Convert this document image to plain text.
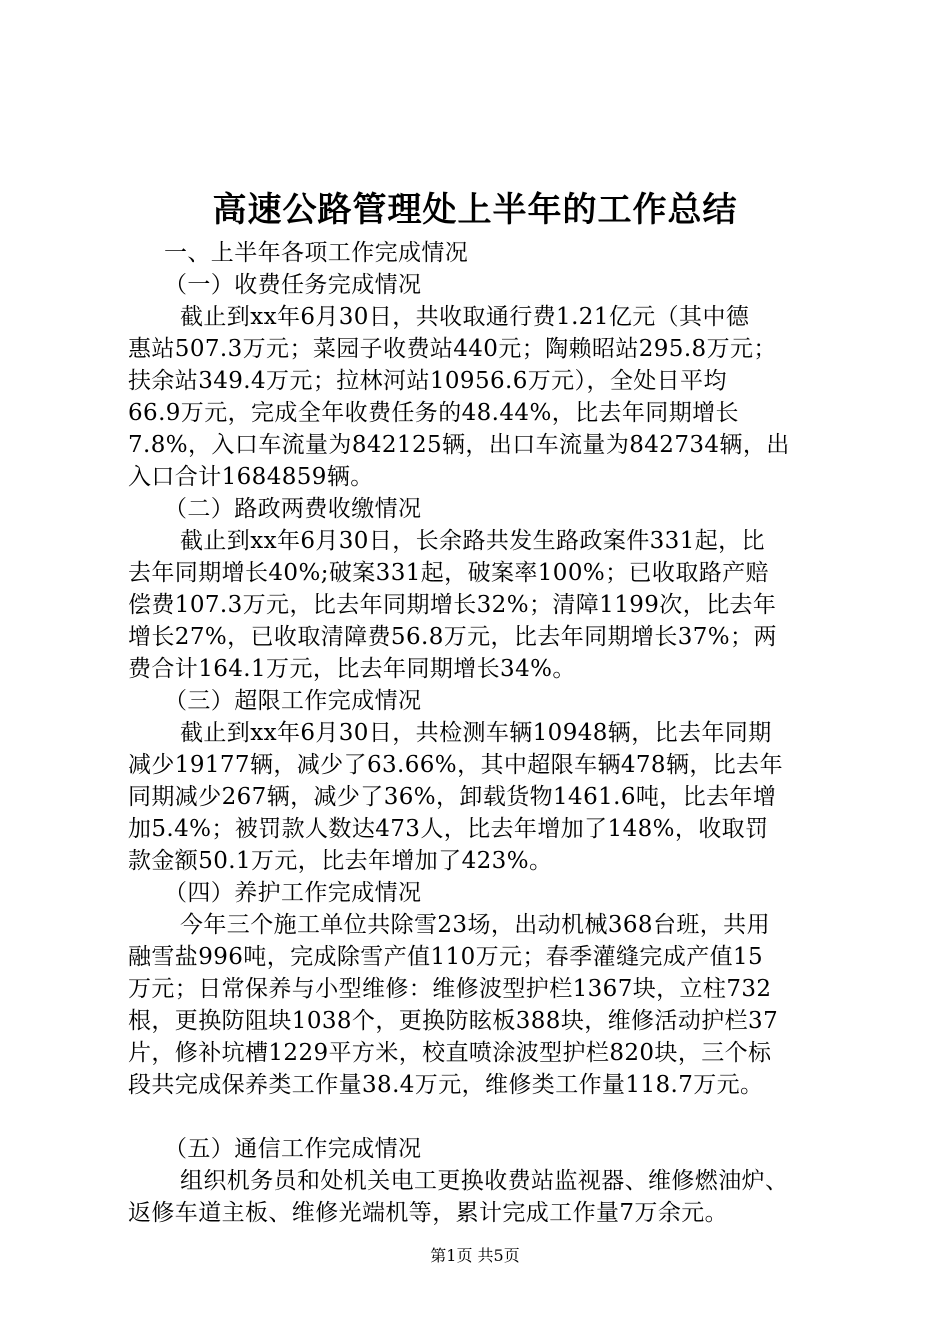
高速公路管理处上半年的工作总结
一、上半年各项工作完成情况
（一）收费任务完成情况
截止到xx年6月30日，共收取通行费1.21亿元（其中德
惠站507.3万元；菜园子收费站440元；陶赖昭站295.8万元；
扶余站349.4万元；拉林河站10956.6万元），全处日平均
66.9万元，完成全年收费任务的48.44%，比去年同期增长
7.8%，入口车流量为842125辆，出口车流量为842734辆，出
入口合计1684859辆。
（二）路政两费收缴情况
截止到xx年6月30日，长余路共发生路政案件331起，比
去年同期增长40%;破案331起，破案率100%；已收取路产赔
偿费107.3万元，比去年同期增长32%；清障1199次，比去年
增长27%，已收取清障费56.8万元，比去年同期增长37%；两
费合计164.1万元，比去年同期增长34%。
（三）超限工作完成情况
截止到xx年6月30日，共检测车辆10948辆，比去年同期
减少19177辆，减少了63.66%，其中超限车辆478辆，比去年
同期减少267辆，减少了36%，卸载货物1461.6吨，比去年增
加5.4%；被罚款人数达473人，比去年增加了148%，收取罚
款金额50.1万元，比去年增加了423%。
（四）养护工作完成情况
今年三个施工单位共除雪23场，出动机械368台班，共用
融雪盐996吨，完成除雪产值110万元；春季灌缝完成产值15
万元；日常保养与小型维修：维修波型护栏1367块，立柱732
根，更换防阻块1038个，更换防眩板388块，维修活动护栏37
片，修补坑槽1229平方米，校直喷涂波型护栏820块，三个标
段共完成保养类工作量38.4万元，维修类工作量118.7万元。
（五）通信工作完成情况
组织机务员和处机关电工更换收费站监视器、维修燃油炉、
返修车道主板、维修光端机等，累计完成工作量7万余元。
第1页 共5页
